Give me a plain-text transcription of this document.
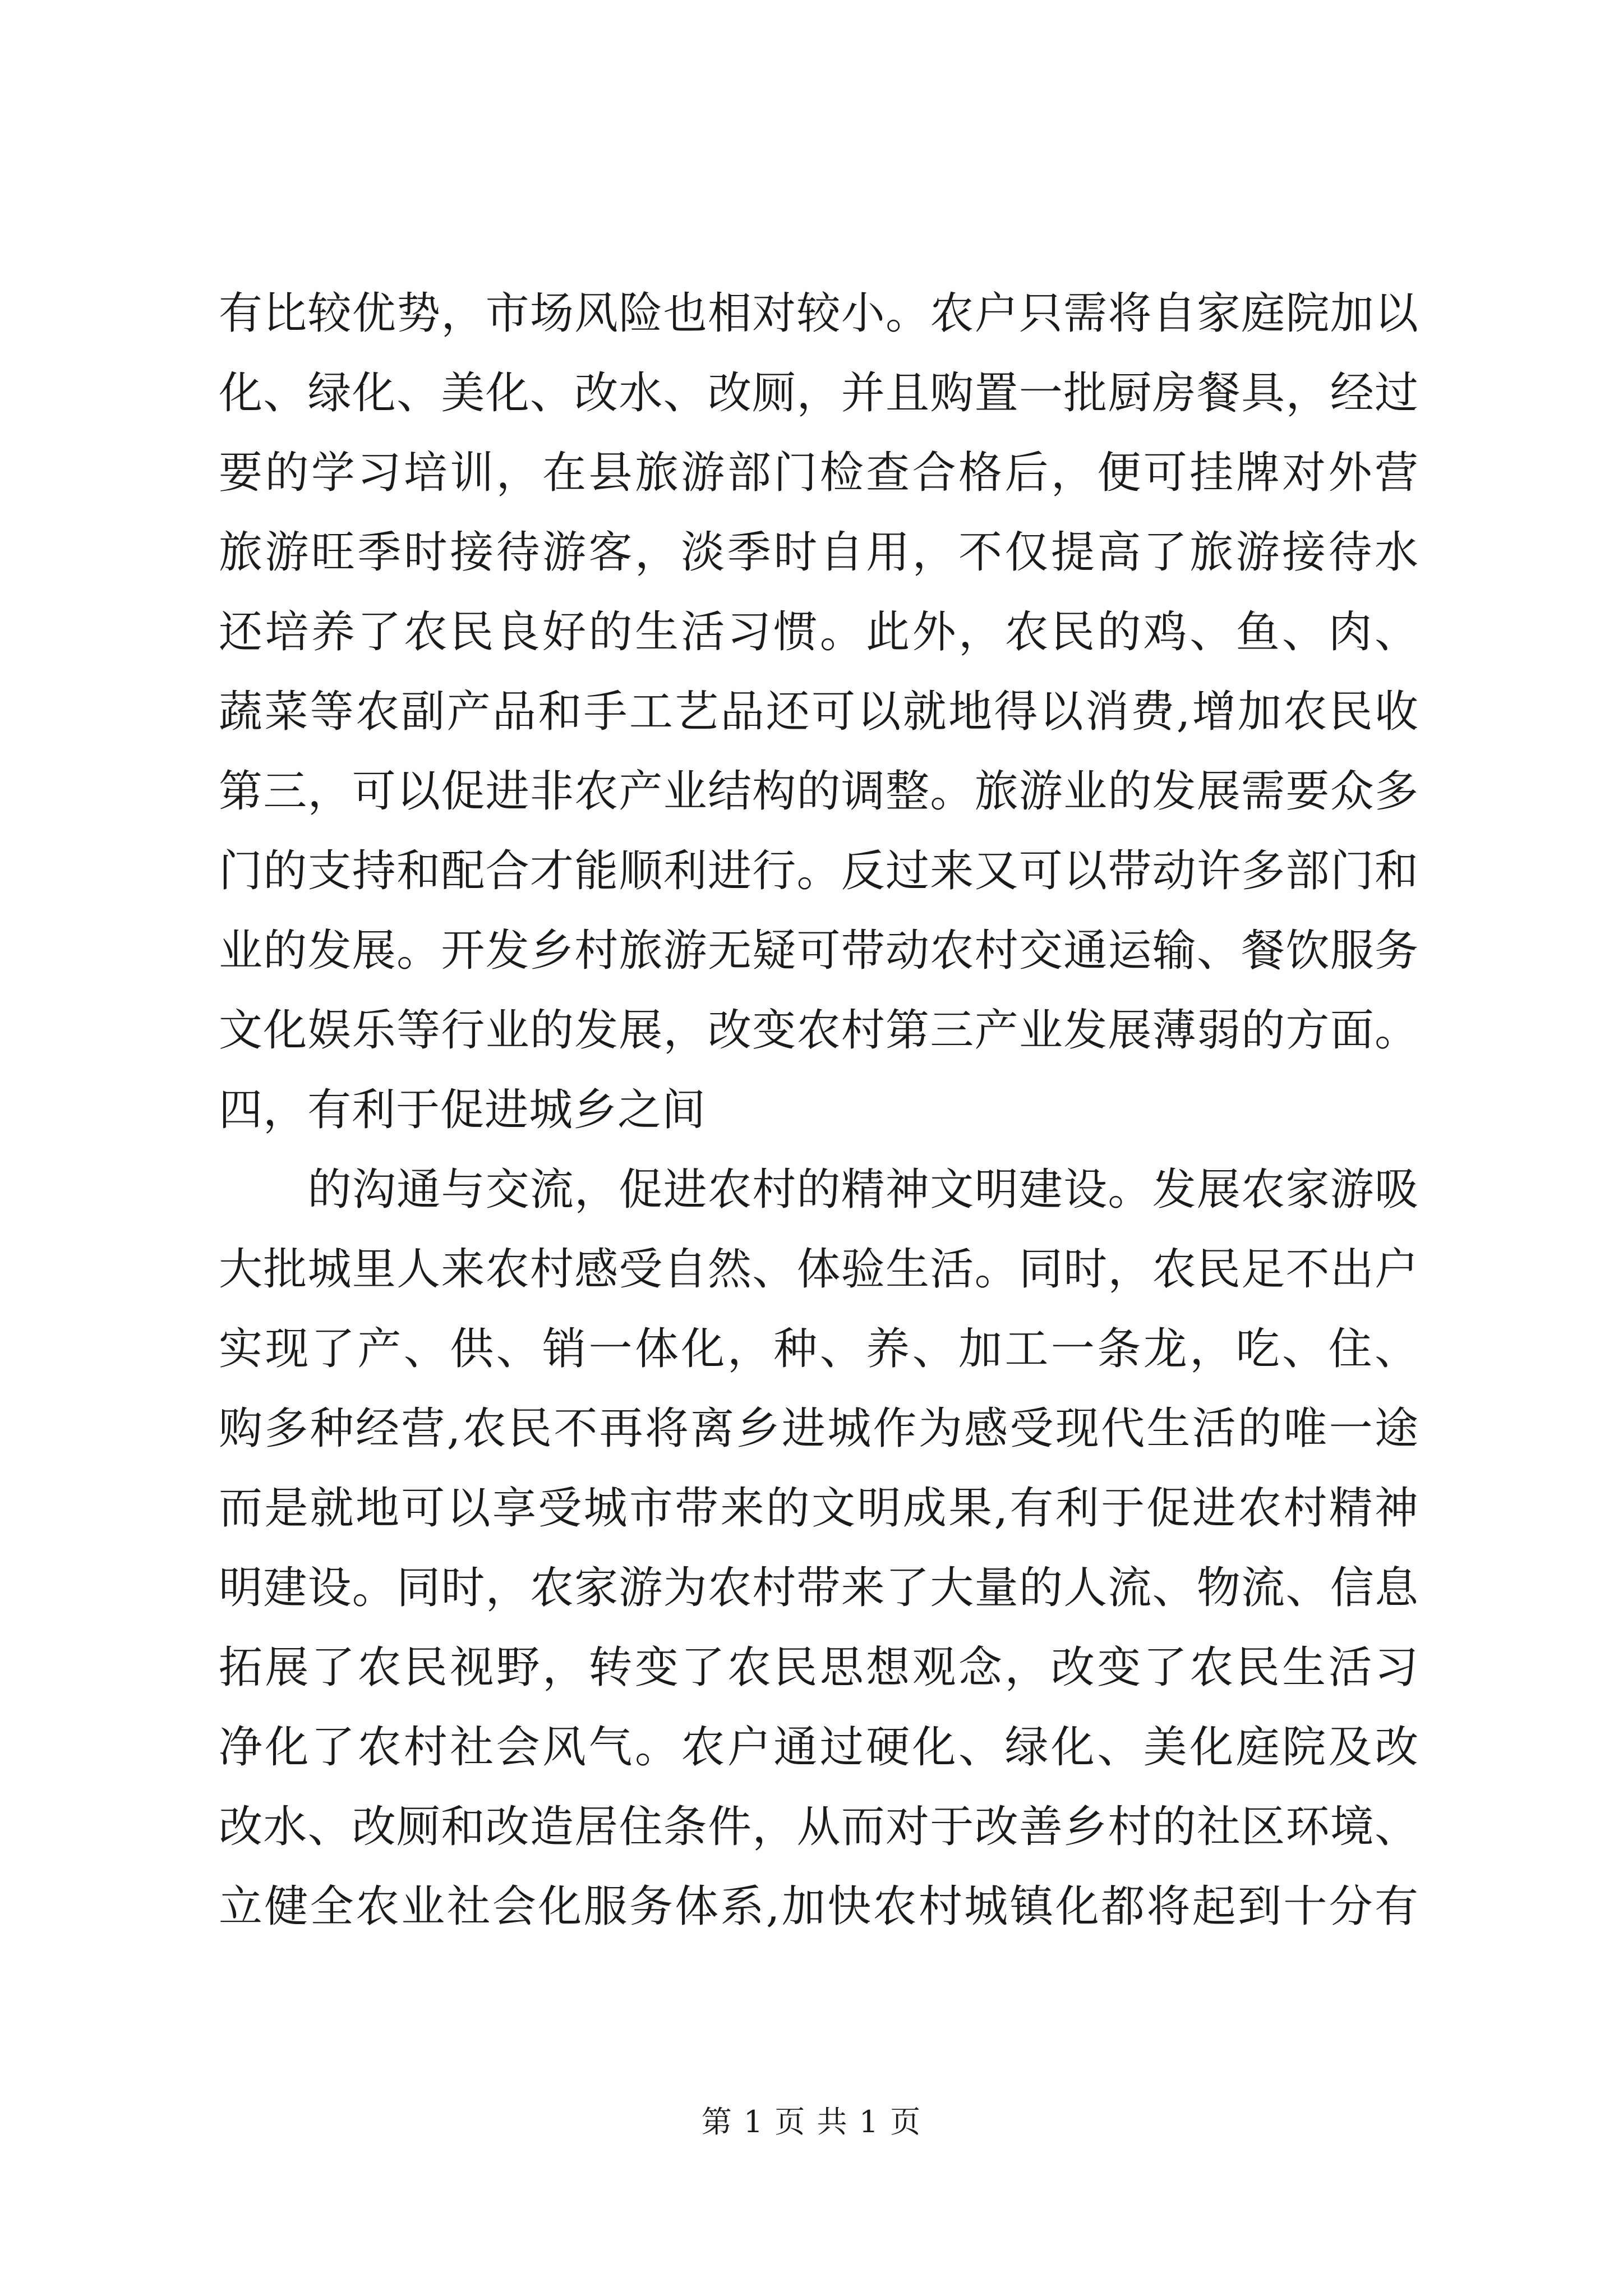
有比较优势，市场风险也相对较小。农户只需将自家庭院加以
化、绿化、美化、改水、改厕，并且购置一批厨房餐具，经过
要的学习培训，在县旅游部门检查合格后，便可挂牌对外营
旅游旺季时接待游客，淡季时自用，不仅提高了旅游接待水
还培养了农民良好的生活习惯。此外，农民的鸡、鱼、肉、
蔬菜等农副产品和手工艺品还可以就地得以消费,增加农民收
第三，可以促进非农产业结构的调整。旅游业的发展需要众多
门的支持和配合才能顺利进行。反过来又可以带动许多部门和
业的发展。开发乡村旅游无疑可带动农村交通运输、餐饮服务
文化娱乐等行业的发展，改变农村第三产业发展薄弱的方面。
四，有利于促进城乡之间
　　的沟通与交流，促进农村的精神文明建设。发展农家游吸
大批城里人来农村感受自然、体验生活。同时，农民足不出户
实现了产、供、销一体化，种、养、加工一条龙，吃、住、
购多种经营,农民不再将离乡进城作为感受现代生活的唯一途
而是就地可以享受城市带来的文明成果,有利于促进农村精神
明建设。同时，农家游为农村带来了大量的人流、物流、信息
拓展了农民视野，转变了农民思想观念，改变了农民生活习
净化了农村社会风气。农户通过硬化、绿化、美化庭院及改
改水、改厕和改造居住条件，从而对于改善乡村的社区环境、
立健全农业社会化服务体系,加快农村城镇化都将起到十分有
第 1 页 共 1 页
